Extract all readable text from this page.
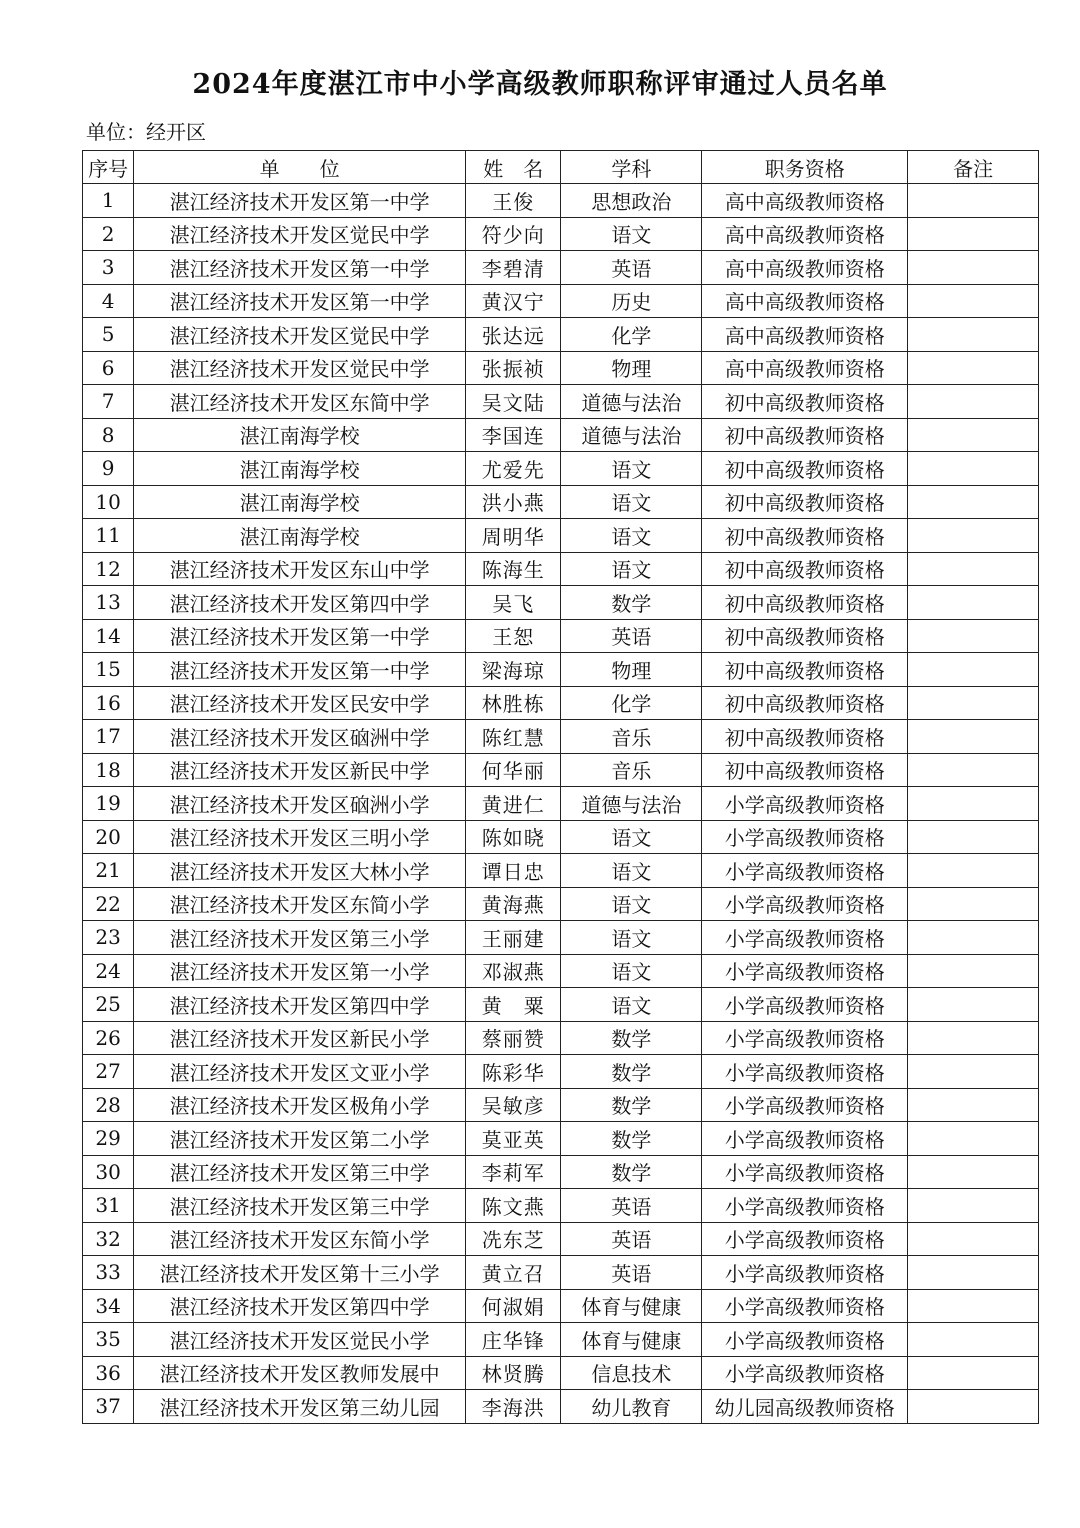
2024年度湛江市中小学高级教师职称评审通过人员名单
单位：经开区
序号	单　　位	姓　名	学科	职务资格	备注
1	湛江经济技术开发区第一中学	王俊	思想政治	高中高级教师资格	
2	湛江经济技术开发区觉民中学	符少向	语文	高中高级教师资格	
3	湛江经济技术开发区第一中学	李碧清	英语	高中高级教师资格	
4	湛江经济技术开发区第一中学	黄汉宁	历史	高中高级教师资格	
5	湛江经济技术开发区觉民中学	张达远	化学	高中高级教师资格	
6	湛江经济技术开发区觉民中学	张振祯	物理	高中高级教师资格	
7	湛江经济技术开发区东简中学	吴文陆	道德与法治	初中高级教师资格	
8	湛江南海学校	李国连	道德与法治	初中高级教师资格	
9	湛江南海学校	尤爱先	语文	初中高级教师资格	
10	湛江南海学校	洪小燕	语文	初中高级教师资格	
11	湛江南海学校	周明华	语文	初中高级教师资格	
12	湛江经济技术开发区东山中学	陈海生	语文	初中高级教师资格	
13	湛江经济技术开发区第四中学	吴飞	数学	初中高级教师资格	
14	湛江经济技术开发区第一中学	王恕	英语	初中高级教师资格	
15	湛江经济技术开发区第一中学	梁海琼	物理	初中高级教师资格	
16	湛江经济技术开发区民安中学	林胜栋	化学	初中高级教师资格	
17	湛江经济技术开发区硇洲中学	陈红慧	音乐	初中高级教师资格	
18	湛江经济技术开发区新民中学	何华丽	音乐	初中高级教师资格	
19	湛江经济技术开发区硇洲小学	黄进仁	道德与法治	小学高级教师资格	
20	湛江经济技术开发区三明小学	陈如晓	语文	小学高级教师资格	
21	湛江经济技术开发区大林小学	谭日忠	语文	小学高级教师资格	
22	湛江经济技术开发区东简小学	黄海燕	语文	小学高级教师资格	
23	湛江经济技术开发区第三小学	王丽建	语文	小学高级教师资格	
24	湛江经济技术开发区第一小学	邓淑燕	语文	小学高级教师资格	
25	湛江经济技术开发区第四中学	黄　粟	语文	小学高级教师资格	
26	湛江经济技术开发区新民小学	蔡丽赞	数学	小学高级教师资格	
27	湛江经济技术开发区文亚小学	陈彩华	数学	小学高级教师资格	
28	湛江经济技术开发区极角小学	吴敏彦	数学	小学高级教师资格	
29	湛江经济技术开发区第二小学	莫亚英	数学	小学高级教师资格	
30	湛江经济技术开发区第三中学	李莉军	数学	小学高级教师资格	
31	湛江经济技术开发区第三中学	陈文燕	英语	小学高级教师资格	
32	湛江经济技术开发区东简小学	冼东芝	英语	小学高级教师资格	
33	湛江经济技术开发区第十三小学	黄立召	英语	小学高级教师资格	
34	湛江经济技术开发区第四中学	何淑娟	体育与健康	小学高级教师资格	
35	湛江经济技术开发区觉民小学	庄华锋	体育与健康	小学高级教师资格	
36	湛江经济技术开发区教师发展中	林贤腾	信息技术	小学高级教师资格	
37	湛江经济技术开发区第三幼儿园	李海洪	幼儿教育	幼儿园高级教师资格	
